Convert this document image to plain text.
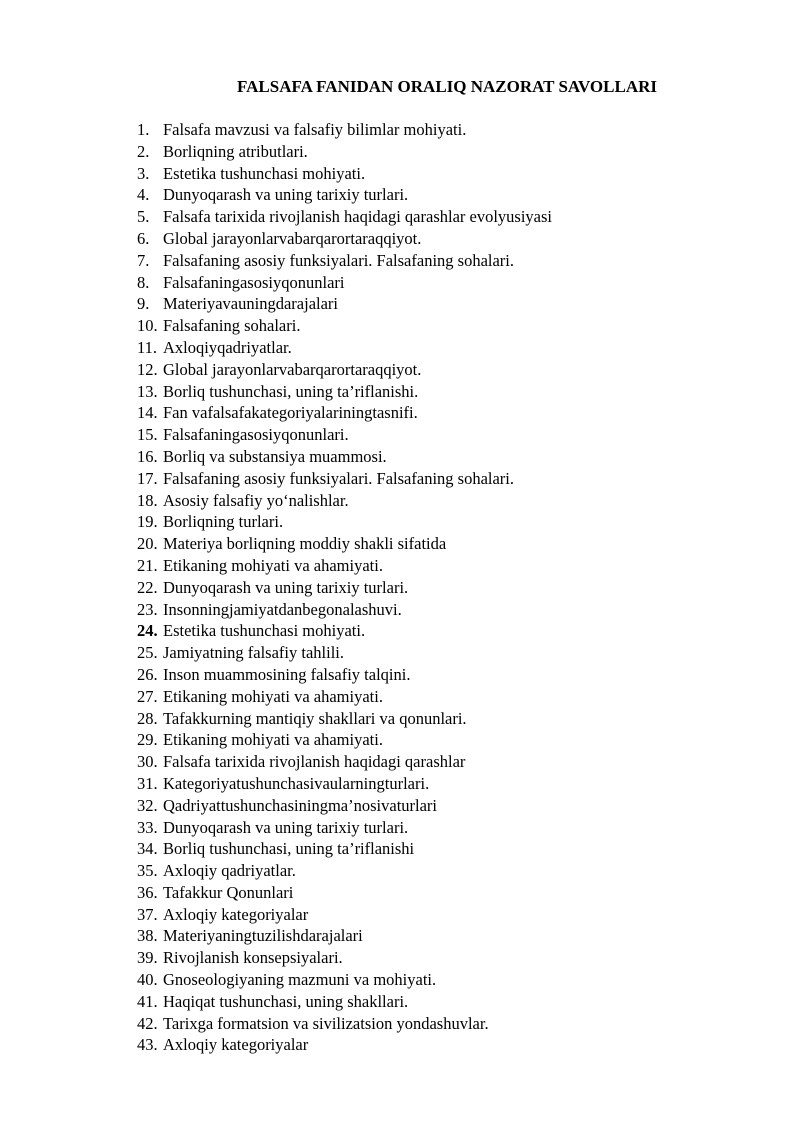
FALSAFA FANIDAN ORALIQ NAZORAT SAVOLLARI
1. Falsafa mavzusi va falsafiy bilimlar mohiyati.
2. Borliqning atributlari.
3. Estetika tushunchasi mohiyati.
4. Dunyoqarash va uning tarixiy turlari.
5. Falsafa tarixida rivojlanish haqidagi qarashlar evolyusiyasi
6. Global jarayonlarvabarqarortaraqqiyot.
7. Falsafaning asosiy funksiyalari. Falsafaning sohalari.
8. Falsafaningasosiyqonunlari
9. Materiyavauningdarajalari
10. Falsafaning sohalari.
11. Axloqiyqadriyatlar.
12. Global jarayonlarvabarqarortaraqqiyot.
13. Borliq tushunchasi, uning ta’riflanishi.
14. Fan vafalsafakategoriyalariningtasnifi.
15. Falsafaningasosiyqonunlari.
16. Borliq va substansiya muammosi.
17. Falsafaning asosiy funksiyalari. Falsafaning sohalari.
18. Asosiy falsafiy yo‘nalishlar.
19. Borliqning turlari.
20. Materiya borliqning moddiy shakli sifatida
21. Etikaning mohiyati va ahamiyati.
22. Dunyoqarash va uning tarixiy turlari.
23. Insonningjamiyatdanbegonalashuvi.
24. Estetika tushunchasi mohiyati.
25. Jamiyatning falsafiy tahlili.
26. Inson muammosining falsafiy talqini.
27. Etikaning mohiyati va ahamiyati.
28. Tafakkurning mantiqiy shakllari va qonunlari.
29. Etikaning mohiyati va ahamiyati.
30. Falsafa tarixida rivojlanish haqidagi qarashlar
31. Kategoriyatushunchasivaularningturlari.
32. Qadriyattushunchasiningma’nosivaturlari
33. Dunyoqarash va uning tarixiy turlari.
34. Borliq tushunchasi, uning ta’riflanishi
35. Axloqiy qadriyatlar.
36. Tafakkur Qonunlari
37. Axloqiy kategoriyalar
38. Materiyaningtuzilishdarajalari
39. Rivojlanish konsepsiyalari.
40. Gnoseologiyaning mazmuni va mohiyati.
41. Haqiqat tushunchasi, uning shakllari.
42. Tarixga formatsion va sivilizatsion yondashuvlar.
43. Axloqiy kategoriyalar
